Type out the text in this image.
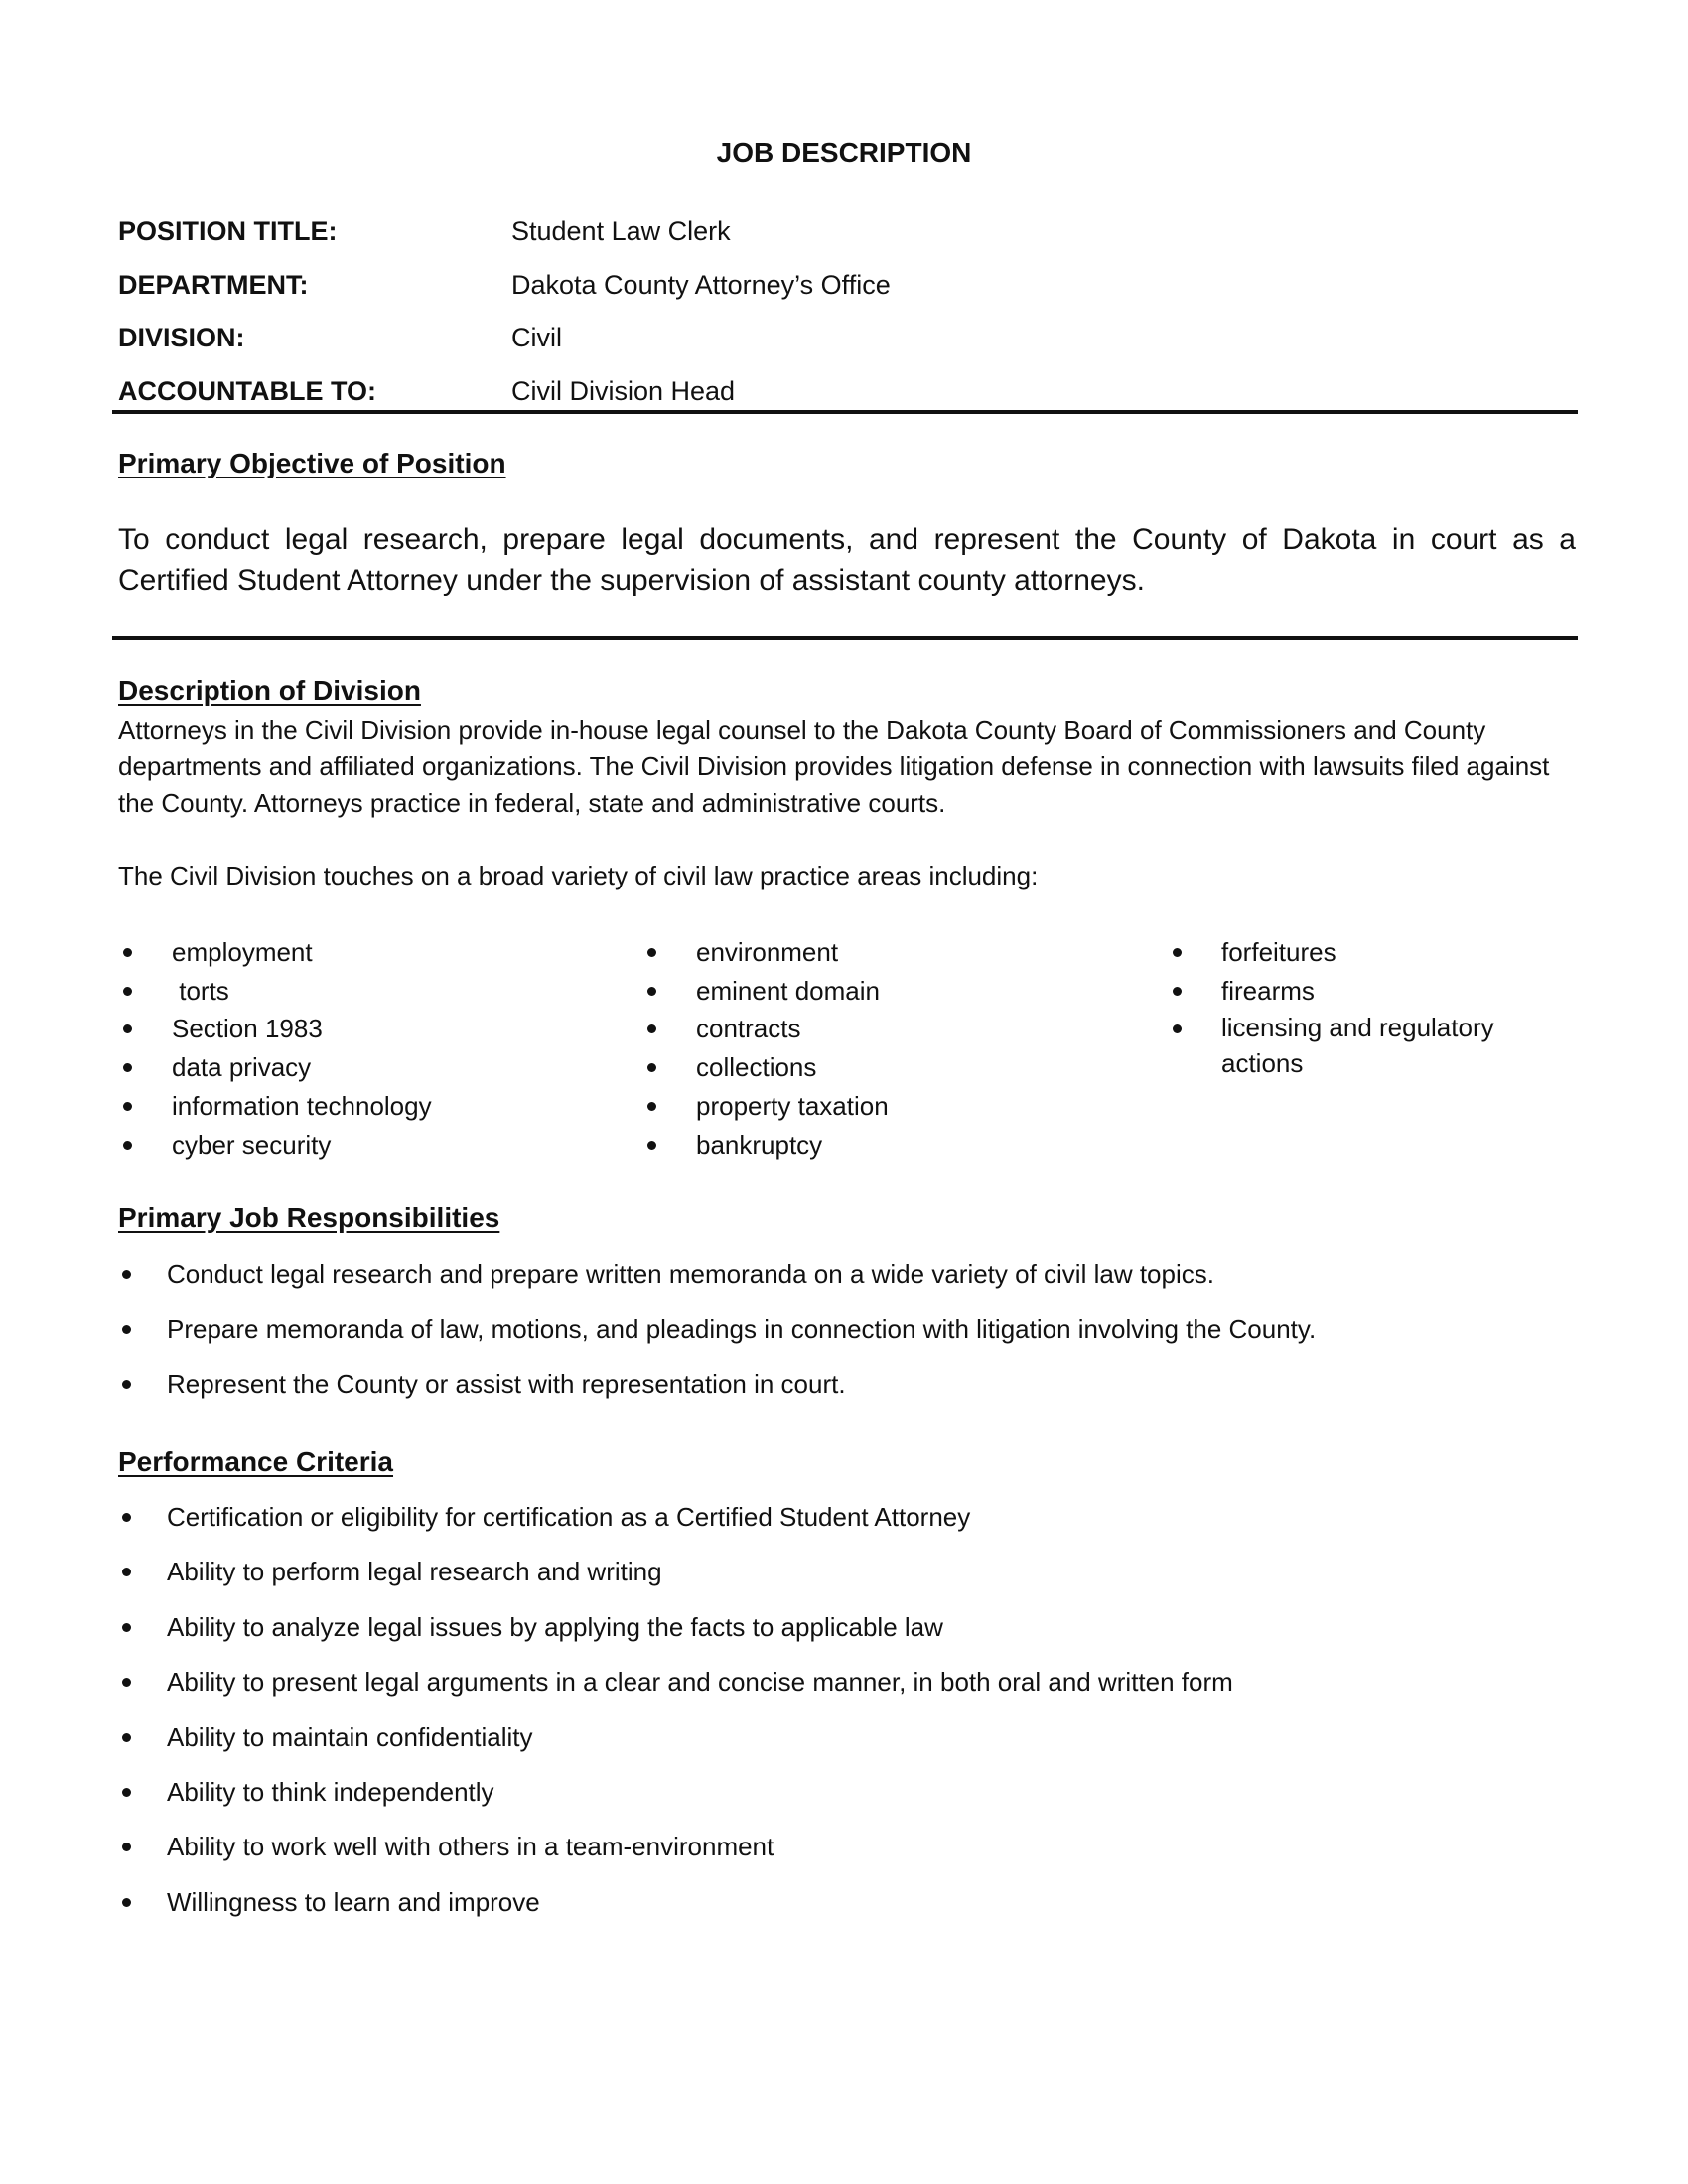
JOB DESCRIPTION
POSITION TITLE:	Student Law Clerk
DEPARTMENT:	Dakota County Attorney’s Office
DIVISION:	Civil
ACCOUNTABLE TO:	Civil Division Head
Primary Objective of Position
To conduct legal research, prepare legal documents, and represent the County of Dakota in court as a Certified Student Attorney under the supervision of assistant county attorneys.
Description of Division
Attorneys in the Civil Division provide in-house legal counsel to the Dakota County Board of Commissioners and County departments and affiliated organizations. The Civil Division provides litigation defense in connection with lawsuits filed against the County. Attorneys practice in federal, state and administrative courts.
The Civil Division touches on a broad variety of civil law practice areas including:
employment
torts
Section 1983
data privacy
information technology
cyber security
environment
eminent domain
contracts
collections
property taxation
bankruptcy
forfeitures
firearms
licensing and regulatory actions
Primary Job Responsibilities
Conduct legal research and prepare written memoranda on a wide variety of civil law topics.
Prepare memoranda of law, motions, and pleadings in connection with litigation involving the County.
Represent the County or assist with representation in court.
Performance Criteria
Certification or eligibility for certification as a Certified Student Attorney
Ability to perform legal research and writing
Ability to analyze legal issues by applying the facts to applicable law
Ability to present legal arguments in a clear and concise manner, in both oral and written form
Ability to maintain confidentiality
Ability to think independently
Ability to work well with others in a team-environment
Willingness to learn and improve
